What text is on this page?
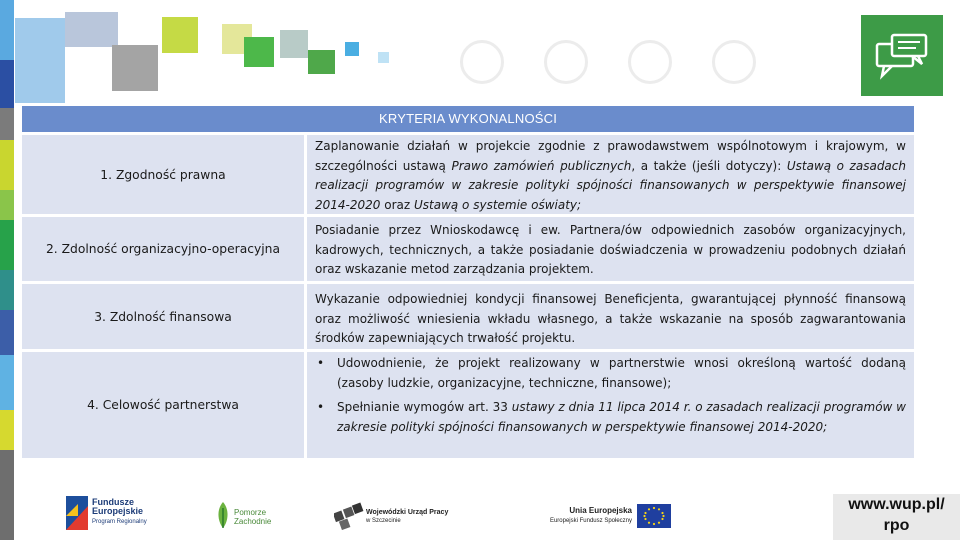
KRYTERIA WYKONALNOŚCI
1. Zgodność prawna
Zaplanowanie działań w projekcie zgodnie z prawodawstwem wspólnotowym i krajowym, w szczególności ustawą Prawo zamówień publicznych, a także (jeśli dotyczy): Ustawą o zasadach realizacji programów w zakresie polityki spójności finansowanych w perspektywie finansowej 2014-2020 oraz Ustawą o systemie oświaty;
2. Zdolność organizacyjno-operacyjna
Posiadanie przez Wnioskodawcę i ew. Partnera/ów odpowiednich zasobów organizacyjnych, kadrowych, technicznych, a także posiadanie doświadczenia w prowadzeniu podobnych działań oraz wskazanie metod zarządzania projektem.
3. Zdolność finansowa
Wykazanie odpowiedniej kondycji finansowej Beneficjenta, gwarantującej płynność finansową oraz możliwość wniesienia wkładu własnego, a także wskazanie na sposób zagwarantowania środków zapewniających trwałość projektu.
4. Celowość partnerstwa
•	Udowodnienie, że projekt realizowany w partnerstwie wnosi określoną wartość dodaną (zasoby ludzkie, organizacyjne, techniczne, finansowe);
•	Spełnianie wymogów art. 33 ustawy z dnia 11 lipca 2014 r. o zasadach realizacji programów w zakresie polityki spójności finansowanych w perspektywie finansowej 2014-2020;
Fundusze
Europejskie
Program Regionalny
Pomorze
Zachodnie
Wojewódzki Urząd Pracy
w Szczecinie
Unia Europejska
Europejski Fundusz Społeczny
www.wup.pl/
rpo
